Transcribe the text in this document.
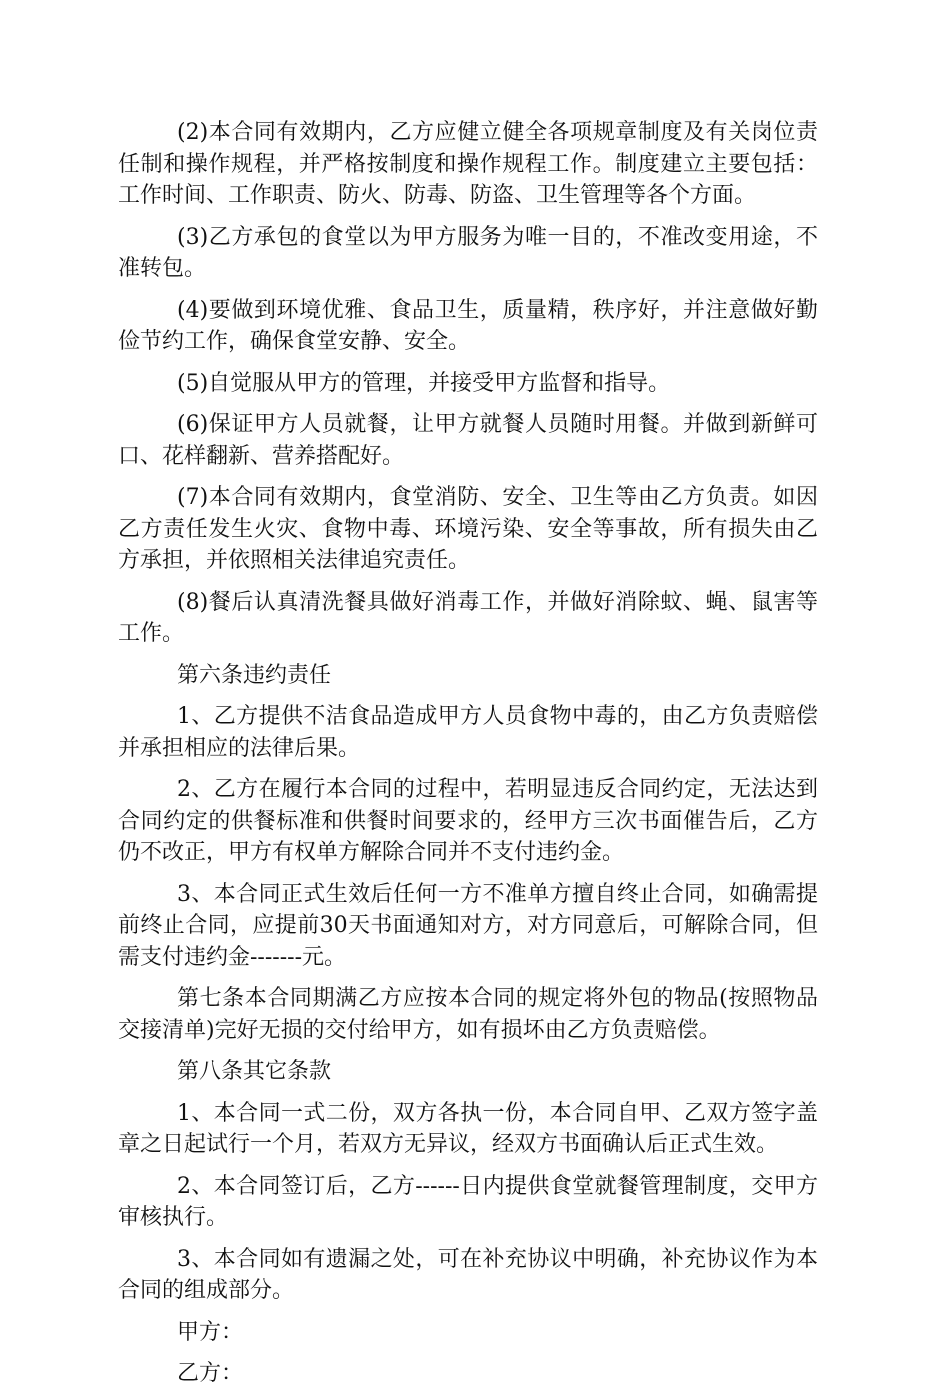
(2)本合同有效期内，乙方应健立健全各项规章制度及有关岗位责任制和操作规程，并严格按制度和操作规程工作。制度建立主要包括：工作时间、工作职责、防火、防毒、防盗、卫生管理等各个方面。

(3)乙方承包的食堂以为甲方服务为唯一目的，不准改变用途，不准转包。

(4)要做到环境优雅、食品卫生，质量精，秩序好，并注意做好勤俭节约工作，确保食堂安静、安全。

(5)自觉服从甲方的管理，并接受甲方监督和指导。

(6)保证甲方人员就餐，让甲方就餐人员随时用餐。并做到新鲜可口、花样翻新、营养搭配好。

(7)本合同有效期内，食堂消防、安全、卫生等由乙方负责。如因乙方责任发生火灾、食物中毒、环境污染、安全等事故，所有损失由乙方承担，并依照相关法律追究责任。

(8)餐后认真清洗餐具做好消毒工作，并做好消除蚊、蝇、鼠害等工作。

第六条违约责任

1、乙方提供不洁食品造成甲方人员食物中毒的，由乙方负责赔偿并承担相应的法律后果。

2、乙方在履行本合同的过程中，若明显违反合同约定，无法达到合同约定的供餐标准和供餐时间要求的，经甲方三次书面催告后，乙方仍不改正，甲方有权单方解除合同并不支付违约金。

3、本合同正式生效后任何一方不准单方擅自终止合同，如确需提前终止合同，应提前30天书面通知对方，对方同意后，可解除合同，但需支付违约金-------元。

第七条本合同期满乙方应按本合同的规定将外包的物品(按照物品交接清单)完好无损的交付给甲方，如有损坏由乙方负责赔偿。

第八条其它条款

1、本合同一式二份，双方各执一份，本合同自甲、乙双方签字盖章之日起试行一个月，若双方无异议，经双方书面确认后正式生效。

2、本合同签订后，乙方------日内提供食堂就餐管理制度，交甲方审核执行。

3、本合同如有遗漏之处，可在补充协议中明确，补充协议作为本合同的组成部分。

甲方：

乙方：
